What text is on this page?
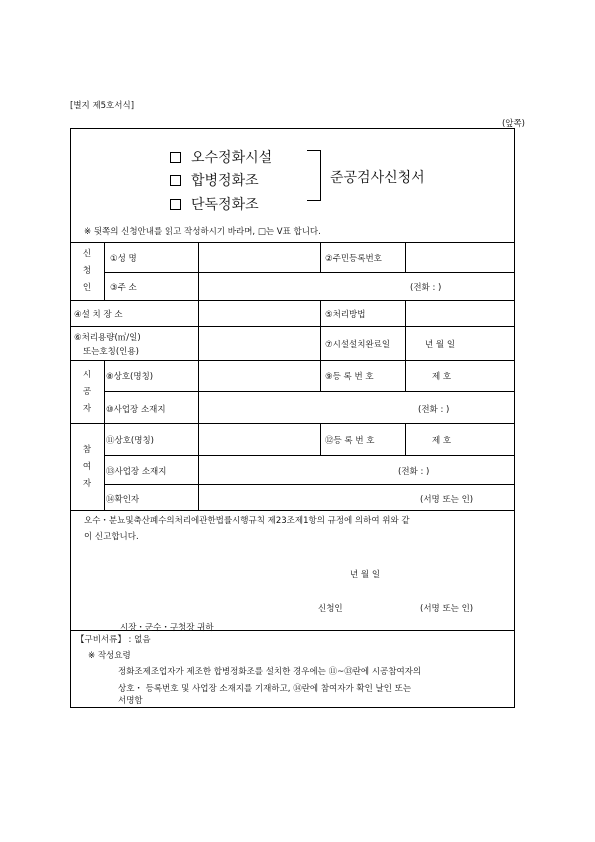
[별지 제5호서식]
(앞쪽)
오수정화시설
합병정화조
단독정화조
준공검사신청서
※ 뒷쪽의 신청안내를 읽고 작성하시기 바라며, □는 V표 합니다.
신
청
인
①성 명	②주민등록번호
③주 소	(전화 : )
④설 치 장 소	⑤처리방법
⑥처리용량(㎥/일)
또는호칭(인용)
⑦시설설치완료일	년 월 일
시
공
자
⑧상호(명칭)	⑨등 록 번 호	제 호
⑩사업장 소재지	(전화 : )
참
여
자
⑪상호(명칭)	⑫등 록 번 호	제 호
⑬사업장 소재지	(전화 : )
⑭확인자	(서명 또는 인)
오수・분뇨및축산폐수의처리에관한법률시행규칙 제23조제1항의 규정에 의하여 위와 같
이 신고합니다.
년 월 일
신청인	(서명 또는 인)
시장・군수・구청장 귀하
【구비서류】 : 없음
※ 작성요령
정화조제조업자가 제조한 합병정화조를 설치한 경우에는 ⑪~⑬란에 시공참여자의
상호・ 등록번호 및 사업장 소재지를 기재하고, ⑭란에 참여자가 확인 날인 또는
서명함
